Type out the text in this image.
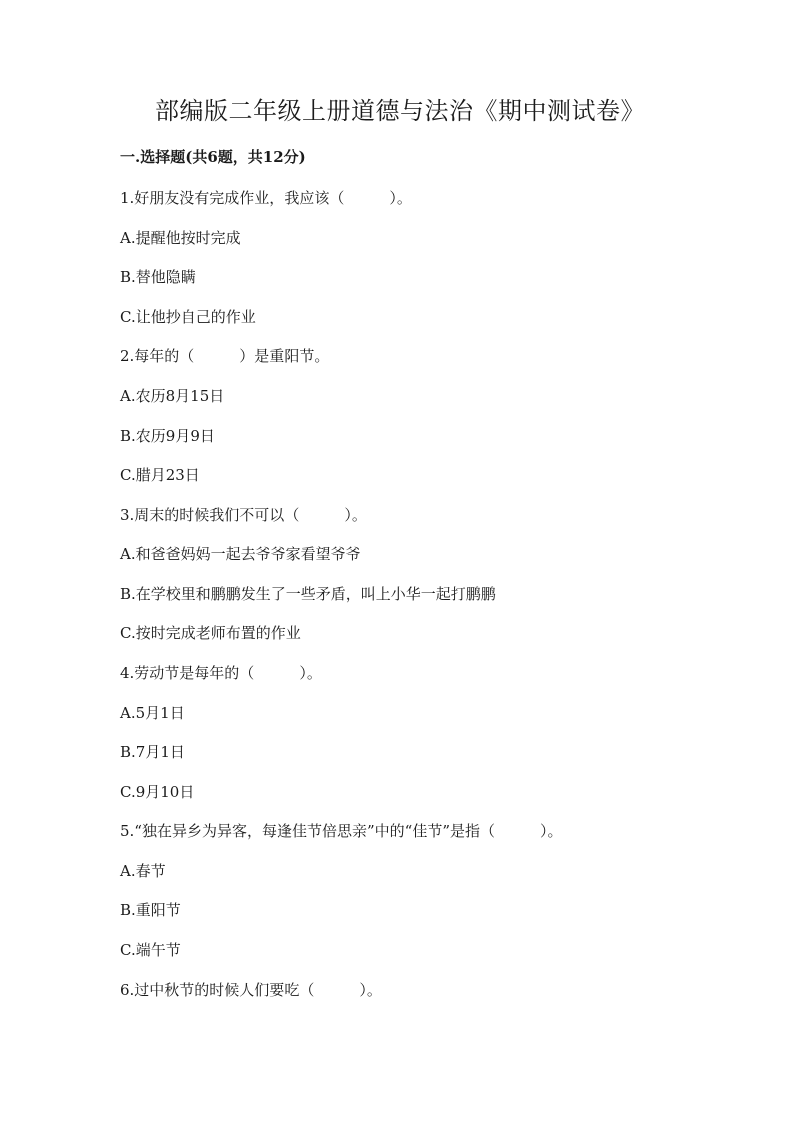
部编版二年级上册道德与法治《期中测试卷》

一.选择题(共6题，共12分)

1.好朋友没有完成作业，我应该（　　　）。

A.提醒他按时完成

B.替他隐瞒

C.让他抄自己的作业

2.每年的（　　　）是重阳节。

A.农历8月15日

B.农历9月9日

C.腊月23日

3.周末的时候我们不可以（　　　）。

A.和爸爸妈妈一起去爷爷家看望爷爷

B.在学校里和鹏鹏发生了一些矛盾，叫上小华一起打鹏鹏

C.按时完成老师布置的作业

4.劳动节是每年的（　　　）。

A.5月1日

B.7月1日

C.9月10日

5.“独在异乡为异客，每逢佳节倍思亲”中的“佳节”是指（　　　）。

A.春节

B.重阳节

C.端午节

6.过中秋节的时候人们要吃（　　　）。
